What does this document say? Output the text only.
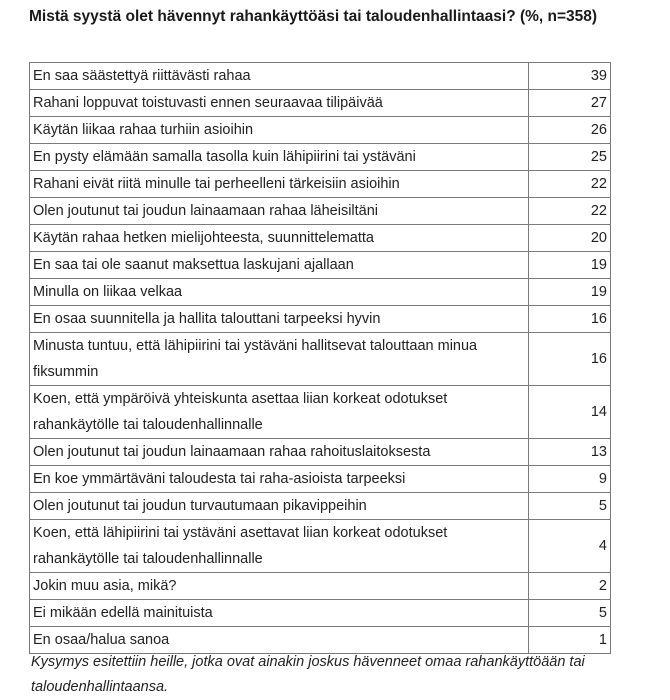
Mistä syystä olet hävennyt rahankäyttöäsi tai taloudenhallintaasi? (%, n=358)
En saa säästettyä riittävästi rahaa	39
Rahani loppuvat toistuvasti ennen seuraavaa tilipäivää	27
Käytän liikaa rahaa turhiin asioihin	26
En pysty elämään samalla tasolla kuin lähipiirini tai ystäväni	25
Rahani eivät riitä minulle tai perheelleni tärkeisiin asioihin	22
Olen joutunut tai joudun lainaamaan rahaa läheisiltäni	22
Käytän rahaa hetken mielijohteesta, suunnittelematta	20
En saa tai ole saanut maksettua laskujani ajallaan	19
Minulla on liikaa velkaa	19
En osaa suunnitella ja hallita talouttani tarpeeksi hyvin	16
Minusta tuntuu, että lähipiirini tai ystäväni hallitsevat talouttaan minua fiksummin	16
Koen, että ympäröivä yhteiskunta asettaa liian korkeat odotukset rahankäytölle tai taloudenhallinnalle	14
Olen joutunut tai joudun lainaamaan rahaa rahoituslaitoksesta	13
En koe ymmärtäväni taloudesta tai raha-asioista tarpeeksi	9
Olen joutunut tai joudun turvautumaan pikavippeihin	5
Koen, että lähipiirini tai ystäväni asettavat liian korkeat odotukset rahankäytölle tai taloudenhallinnalle	4
Jokin muu asia, mikä?	2
Ei mikään edellä mainituista	5
En osaa/halua sanoa	1
Kysymys esitettiin heille, jotka ovat ainakin joskus hävenneet omaa rahankäyttöään tai taloudenhallintaansa.
